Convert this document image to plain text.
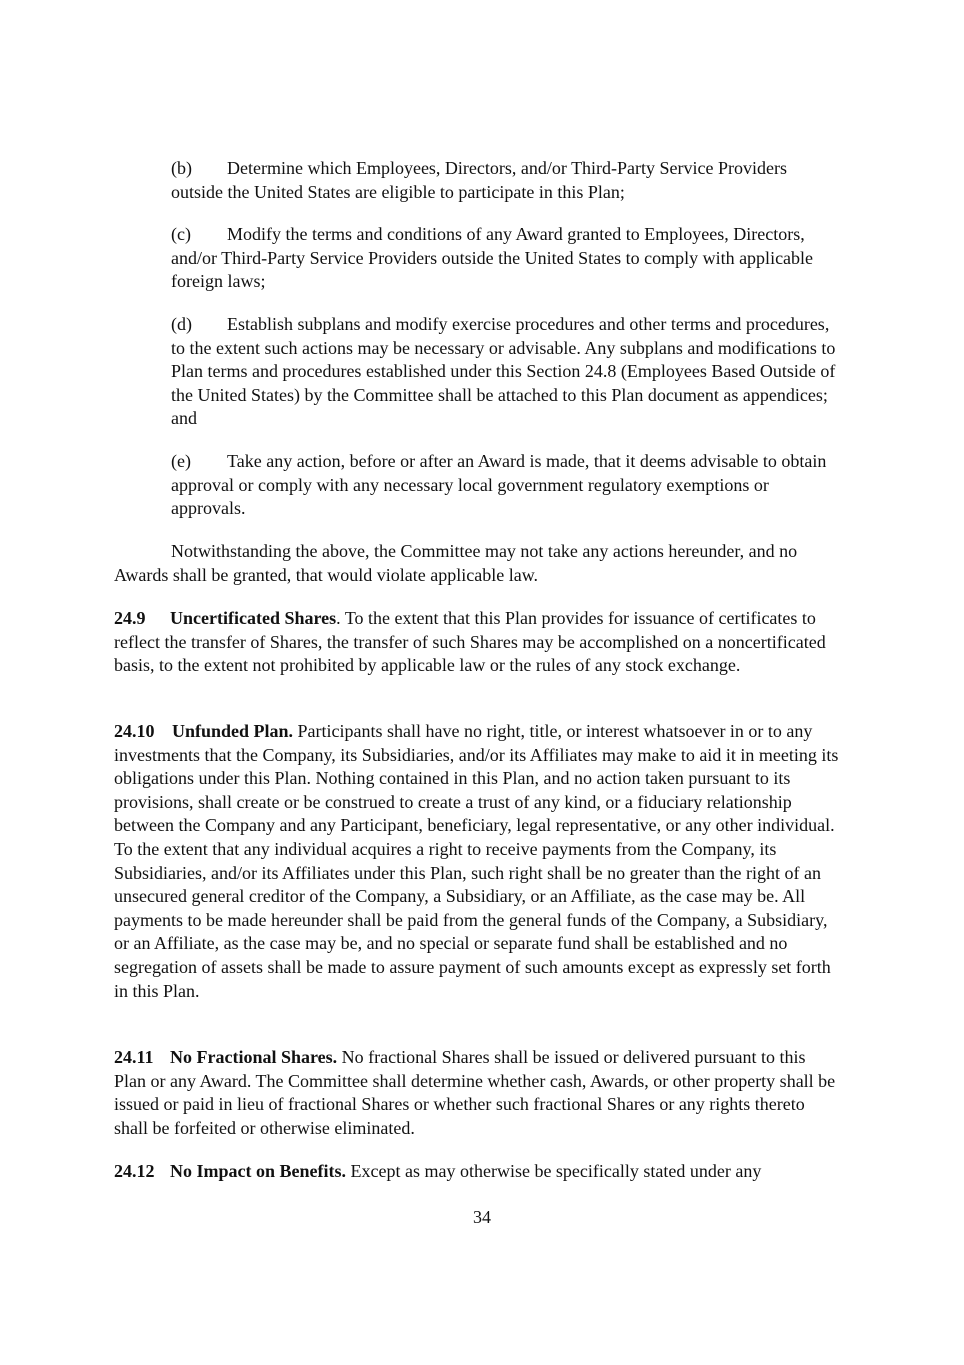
(b) Determine which Employees, Directors, and/or Third-Party Service Providers outside the United States are eligible to participate in this Plan;

(c) Modify the terms and conditions of any Award granted to Employees, Directors, and/or Third-Party Service Providers outside the United States to comply with applicable foreign laws;

(d) Establish subplans and modify exercise procedures and other terms and procedures, to the extent such actions may be necessary or advisable. Any subplans and modifications to Plan terms and procedures established under this Section 24.8 (Employees Based Outside of the United States) by the Committee shall be attached to this Plan document as appendices; and

(e) Take any action, before or after an Award is made, that it deems advisable to obtain approval or comply with any necessary local government regulatory exemptions or approvals.

Notwithstanding the above, the Committee may not take any actions hereunder, and no Awards shall be granted, that would violate applicable law.

24.9 Uncertificated Shares. To the extent that this Plan provides for issuance of certificates to reflect the transfer of Shares, the transfer of such Shares may be accomplished on a noncertificated basis, to the extent not prohibited by applicable law or the rules of any stock exchange.

24.10 Unfunded Plan. Participants shall have no right, title, or interest whatsoever in or to any investments that the Company, its Subsidiaries, and/or its Affiliates may make to aid it in meeting its obligations under this Plan. Nothing contained in this Plan, and no action taken pursuant to its provisions, shall create or be construed to create a trust of any kind, or a fiduciary relationship between the Company and any Participant, beneficiary, legal representative, or any other individual. To the extent that any individual acquires a right to receive payments from the Company, its Subsidiaries, and/or its Affiliates under this Plan, such right shall be no greater than the right of an unsecured general creditor of the Company, a Subsidiary, or an Affiliate, as the case may be. All payments to be made hereunder shall be paid from the general funds of the Company, a Subsidiary, or an Affiliate, as the case may be, and no special or separate fund shall be established and no segregation of assets shall be made to assure payment of such amounts except as expressly set forth in this Plan.

24.11 No Fractional Shares. No fractional Shares shall be issued or delivered pursuant to this Plan or any Award. The Committee shall determine whether cash, Awards, or other property shall be issued or paid in lieu of fractional Shares or whether such fractional Shares or any rights thereto shall be forfeited or otherwise eliminated.

24.12 No Impact on Benefits. Except as may otherwise be specifically stated under any

34
